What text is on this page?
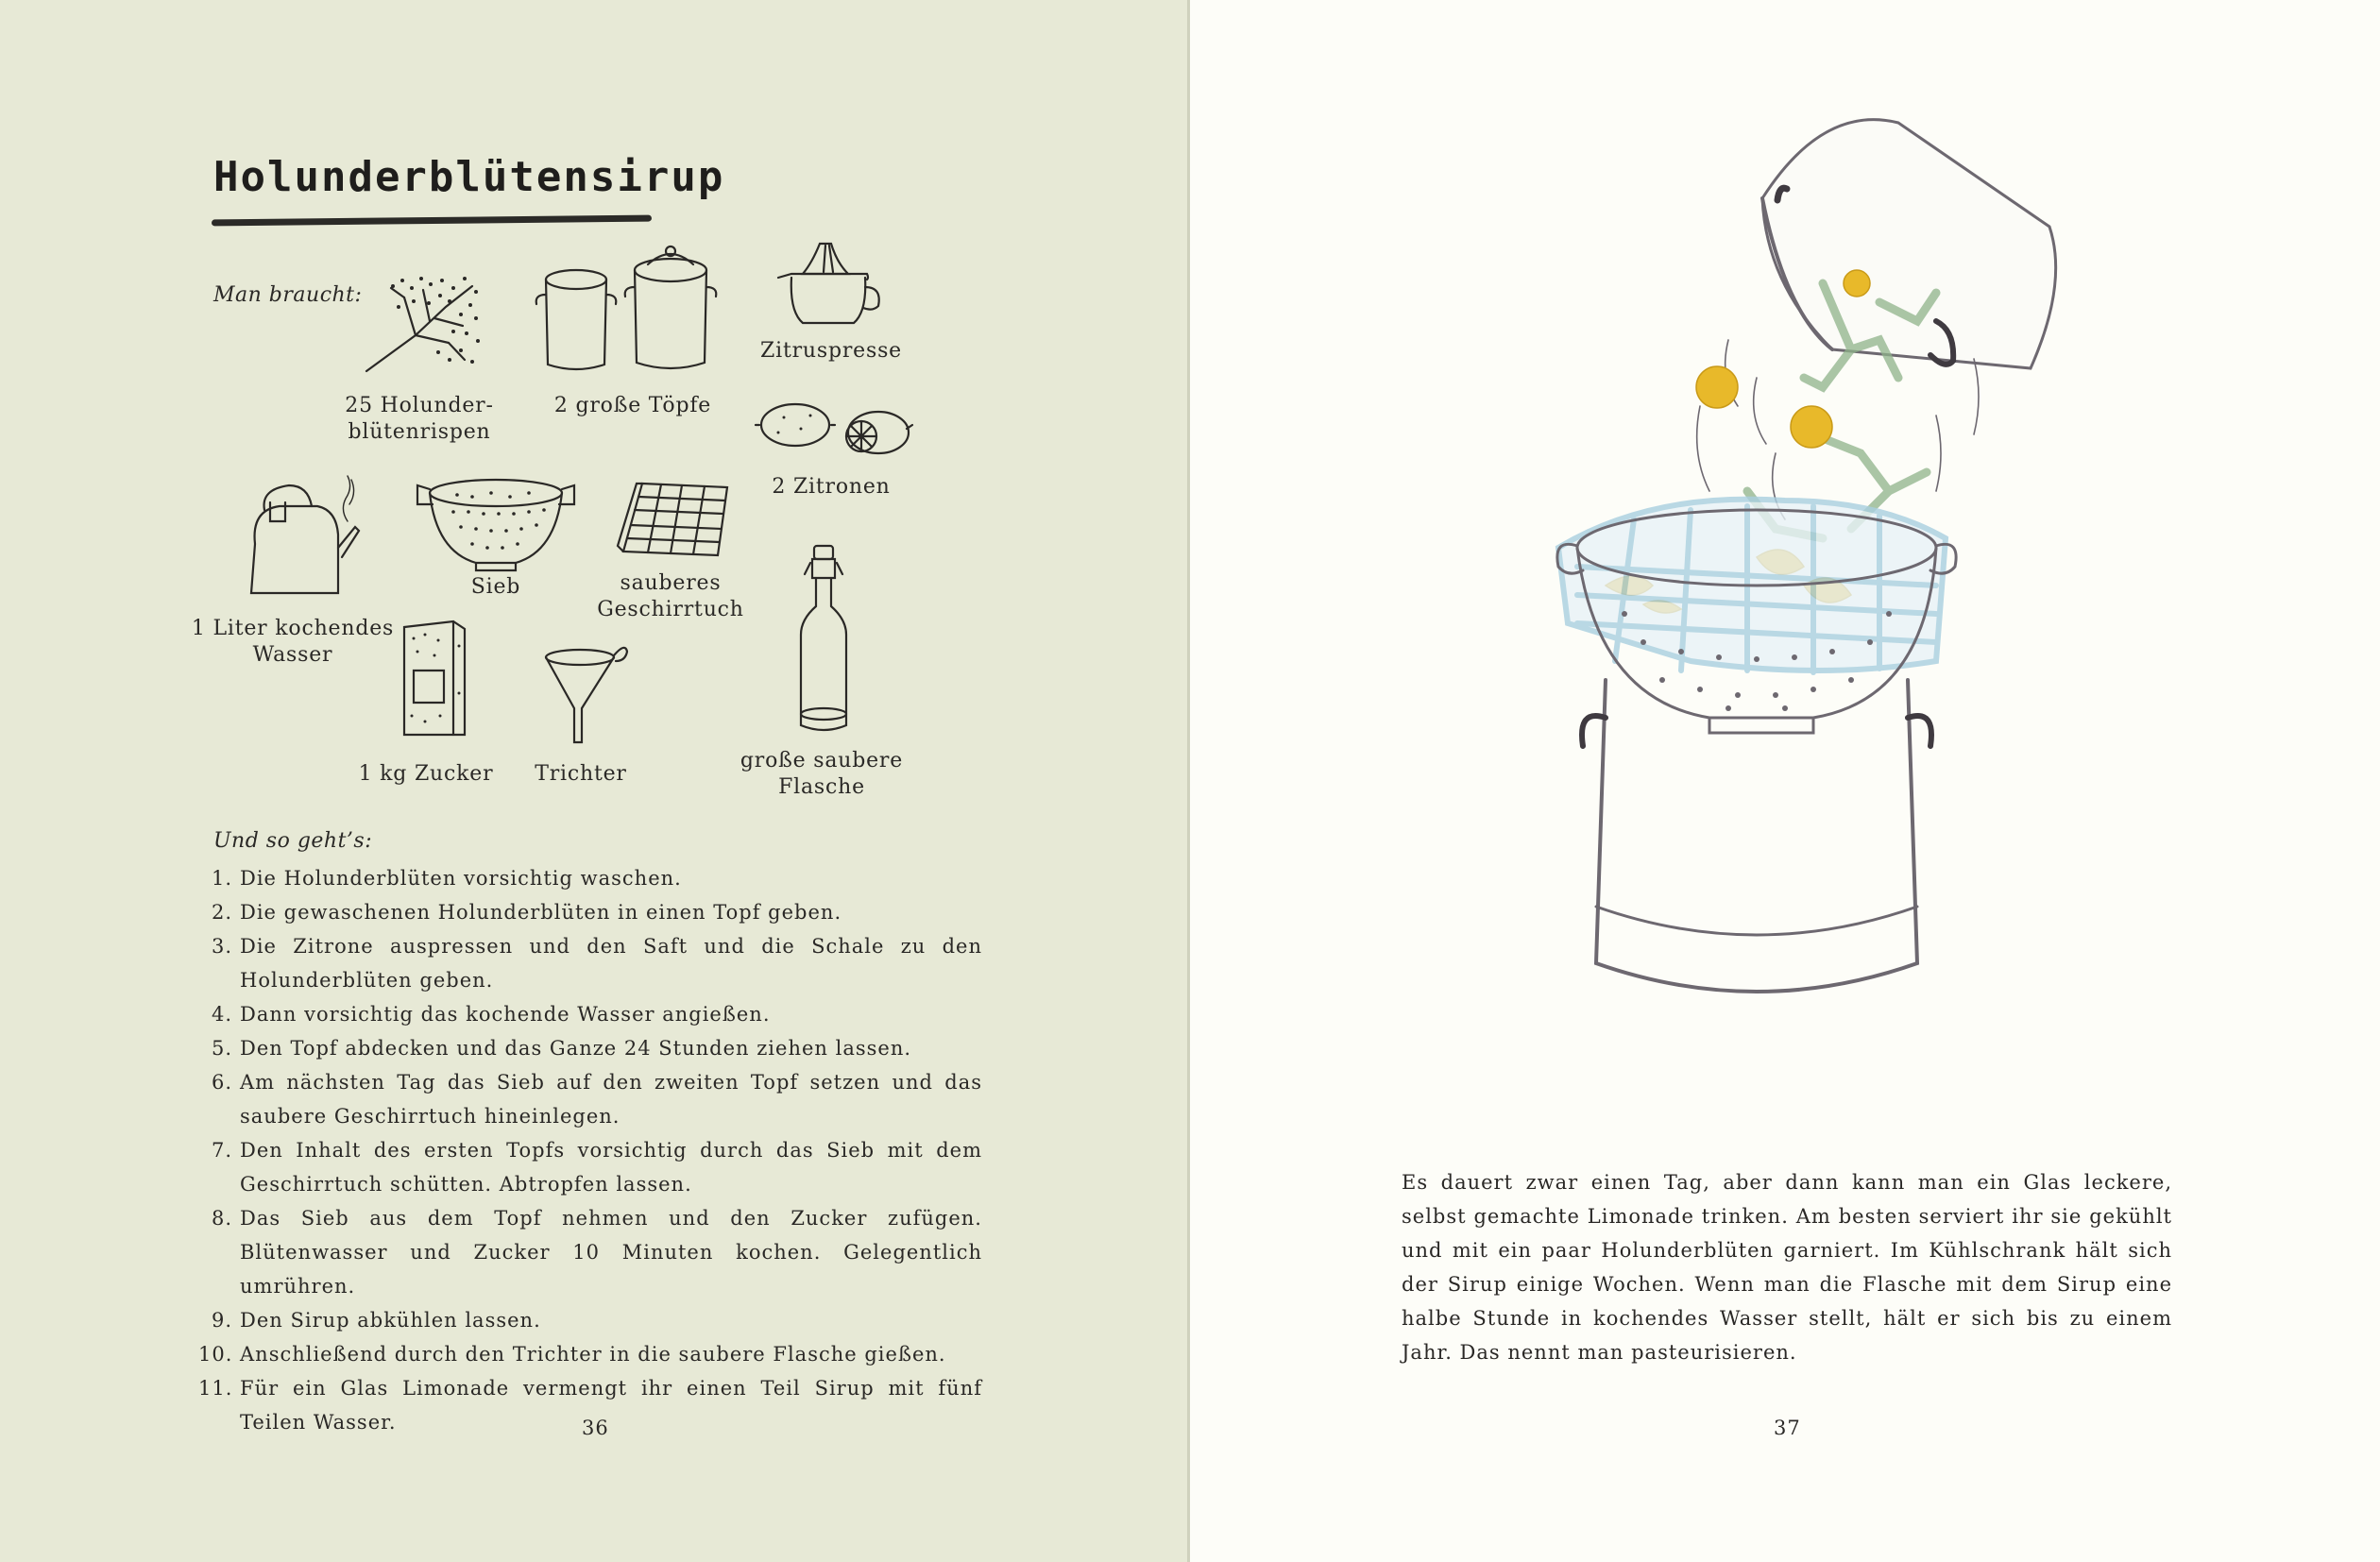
Holunderblütensirup
Man braucht:
25 Holunder-
blütenrispen
2 große Töpfe
Zitruspresse
2 Zitronen
1 Liter kochendes
Wasser
Sieb	sauberes
Geschirrtuch
große saubere
Flasche
1 kg Zucker	Trichter
Und so geht’s:
1. Die Holunderblüten vorsichtig waschen.
2. Die gewaschenen Holunderblüten in einen Topf geben.
3. Die Zitrone auspressen und den Saft und die Schale zu den Holunderblüten geben.
4. Dann vorsichtig das kochende Wasser angießen.
5. Den Topf abdecken und das Ganze 24 Stunden ziehen lassen.
6. Am nächsten Tag das Sieb auf den zweiten Topf setzen und das saubere Geschirrtuch hineinlegen.
7. Den Inhalt des ersten Topfs vorsichtig durch das Sieb mit dem Geschirrtuch schütten. Abtropfen lassen.
8. Das Sieb aus dem Topf nehmen und den Zucker zufügen. Blütenwasser und Zucker 10 Minuten kochen. Gelegentlich umrühren.
9. Den Sirup abkühlen lassen.
10. Anschließend durch den Trichter in die saubere Flasche gießen.
11. Für ein Glas Limonade vermengt ihr einen Teil Sirup mit fünf Teilen Wasser.	36
Es dauert zwar einen Tag, aber dann kann man ein Glas leckere, selbst gemachte Limonade trinken. Am besten serviert ihr sie gekühlt und mit ein paar Holunderblüten garniert. Im Kühlschrank hält sich der Sirup einige Wochen. Wenn man die Flasche mit dem Sirup eine halbe Stunde in kochendes Wasser stellt, hält er sich bis zu einem Jahr. Das nennt man pasteurisieren.
37
